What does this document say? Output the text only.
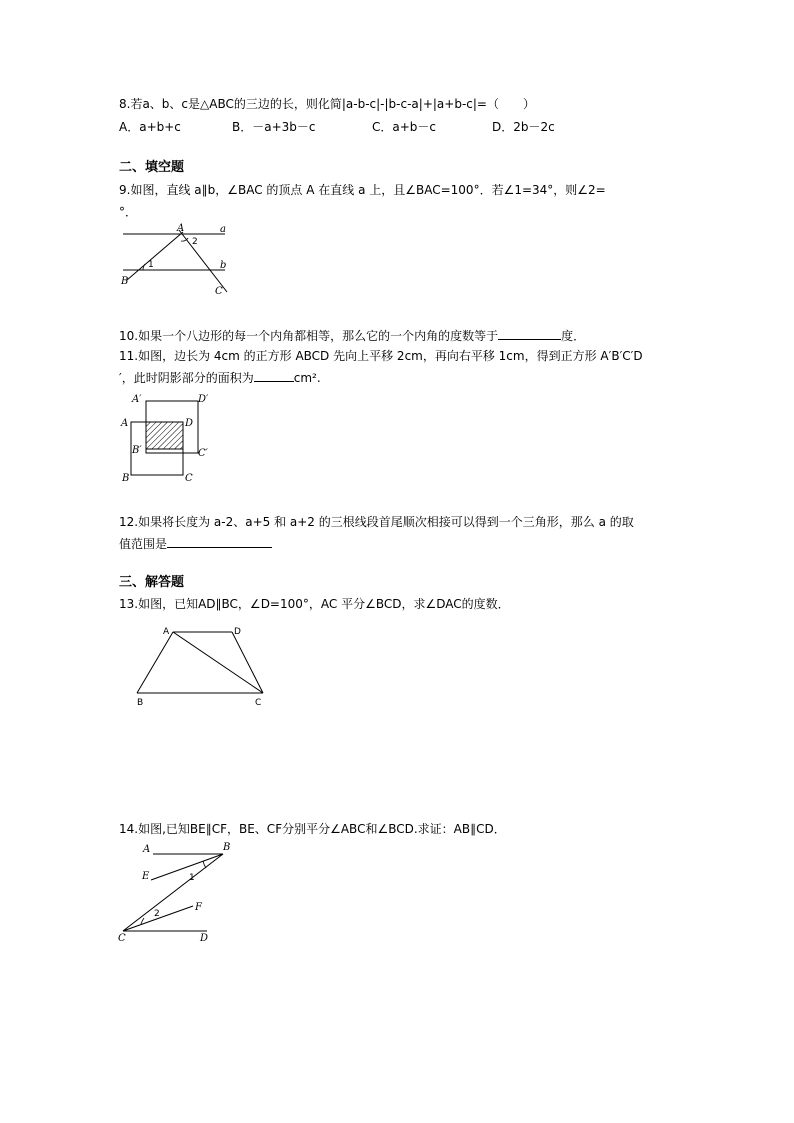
8.若a、b、c是△ABC的三边的长，则化简|a-b-c|-|b-c-a|+|a+b-c|=（　　）
A．a+b+c	B．－a+3b－c	C．a+b－c	D．2b－2c
二、填空题
9.如图，直线 a∥b，∠BAC 的顶点 A 在直线 a 上，且∠BAC=100°．若∠1=34°，则∠2=
°．
A	a
b
B
C
1
2
10.如果一个八边形的每一个内角都相等，那么它的一个内角的度数等于	度．
11.如图，边长为 4cm 的正方形 ABCD 先向上平移 2cm，再向右平移 1cm，得到正方形 A′B′C′D
′，此时阴影部分的面积为	cm².
A′	D′
A	D
B′	C′
B	C
12.如果将长度为 a-2、a+5 和 a+2 的三根线段首尾顺次相接可以得到一个三角形，那么 a 的取
值范围是
三、解答题
13.如图，已知AD∥BC，∠D=100°，AC 平分∠BCD，求∠DAC的度数．
A	D
B	C
14.如图,已知BE∥CF，BE、CF分别平分∠ABC和∠BCD.求证：AB∥CD．
A	B
E
F
C	D
1
2
